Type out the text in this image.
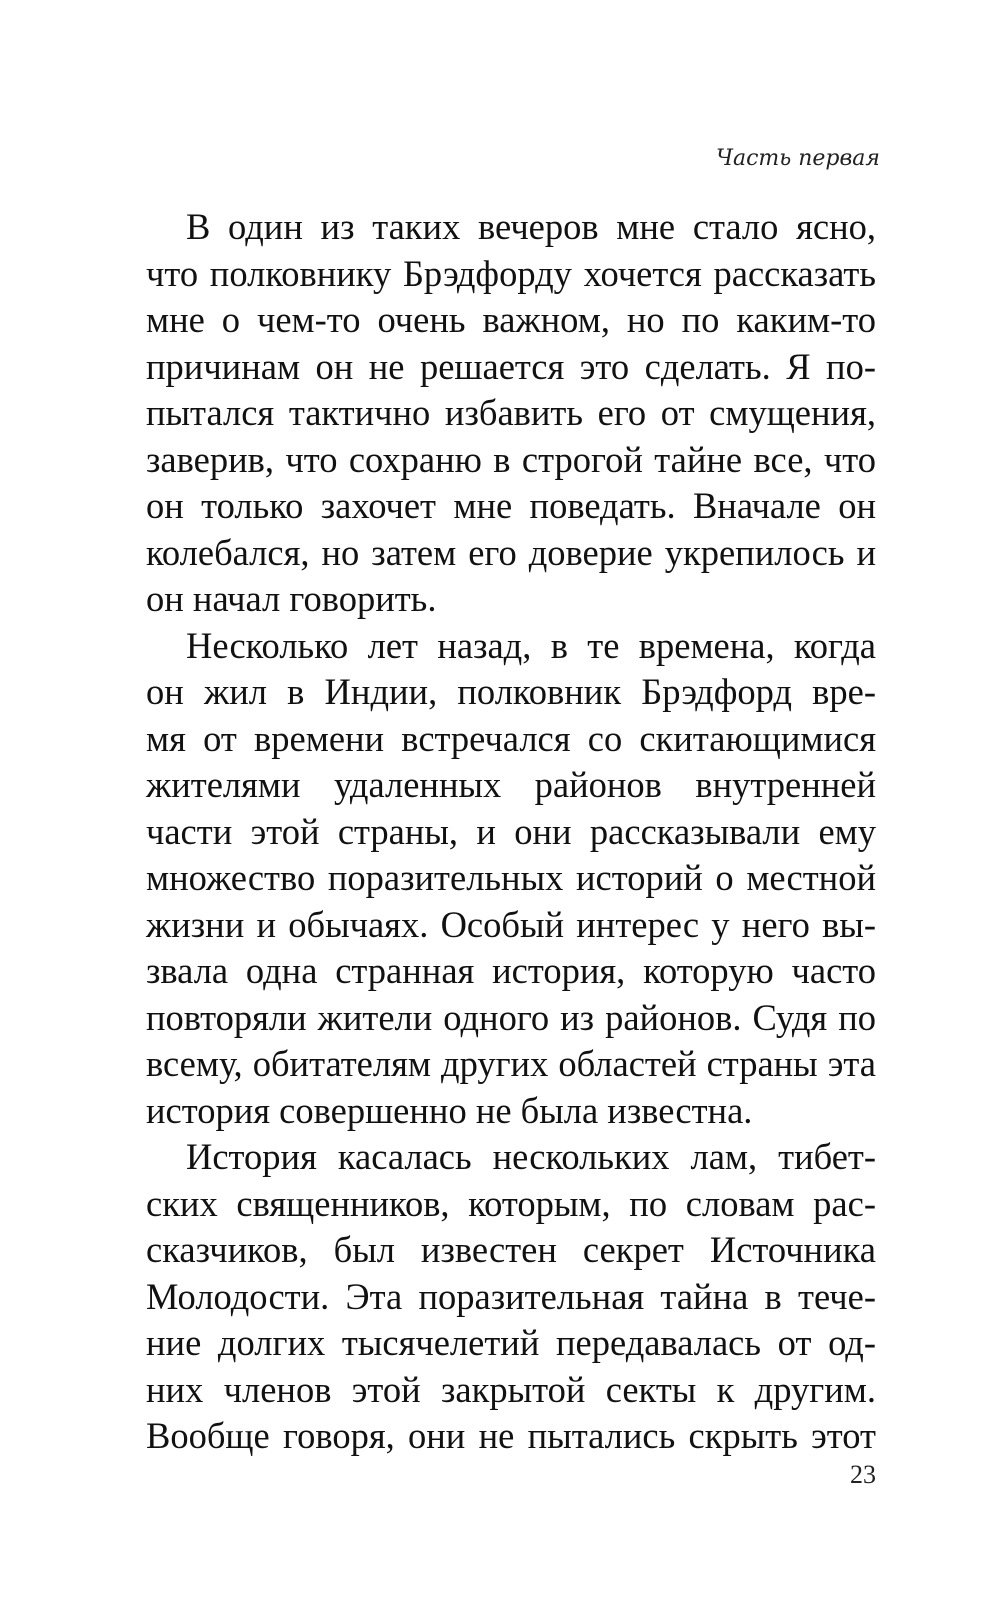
Часть первая
В один из таких вечеров мне стало ясно,
что полковнику Брэдфорду хочется рассказать
мне о чем-то очень важном, но по каким-то
причинам он не решается это сделать. Я по-
пытался тактично избавить его от смущения,
заверив, что сохраню в строгой тайне все, что
он только захочет мне поведать. Вначале он
колебался, но затем его доверие укрепилось и
он начал говорить.
Несколько лет назад, в те времена, когда
он жил в Индии, полковник Брэдфорд вре-
мя от времени встречался со скитающимися
жителями удаленных районов внутренней
части этой страны, и они рассказывали ему
множество поразительных историй о местной
жизни и обычаях. Особый интерес у него вы-
звала одна странная история, которую часто
повторяли жители одного из районов. Судя по
всему, обитателям других областей страны эта
история совершенно не была известна.
История касалась нескольких лам, тибет-
ских священников, которым, по словам рас-
сказчиков, был известен секрет Источника
Молодости. Эта поразительная тайна в тече-
ние долгих тысячелетий передавалась от од-
них членов этой закрытой секты к другим.
Вообще говоря, они не пытались скрыть этот
23
